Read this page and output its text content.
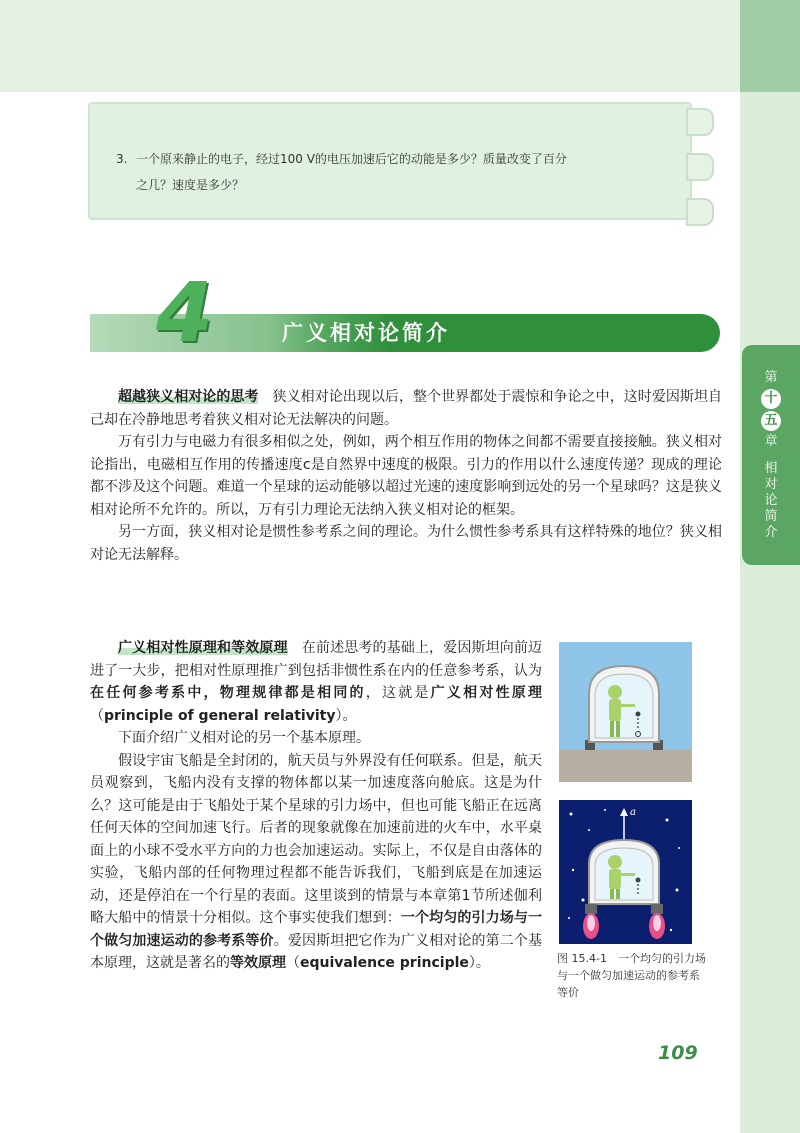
第
十
五
章
相
对
论
简
介
3. 一个原来静止的电子，经过100 V的电压加速后它的动能是多少？质量改变了百分
之几？速度是多少？
4	广义相对论简介

超越狭义相对论的思考　 狭义相对论出现以后，整个世界都处于震惊和争论之中，这时爱因斯坦自己却在冷静地思考着狭义相对论无法解决的问题。

万有引力与电磁力有很多相似之处，例如，两个相互作用的物体之间都不需要直接接触。狭义相对论指出，电磁相互作用的传播速度c是自然界中速度的极限。引力的作用以什么速度传递？现成的理论都不涉及这个问题。难道一个星球的运动能够以超过光速的速度影响到远处的另一个星球吗？这是狭义相对论所不允许的。所以，万有引力理论无法纳入狭义相对论的框架。

另一方面，狭义相对论是惯性参考系之间的理论。为什么惯性参考系具有这样特殊的地位？狭义相对论无法解释。

广义相对性原理和等效原理　 在前述思考的基础上，爱因斯坦向前迈进了一大步，把相对性原理推广到包括非惯性系在内的任意参考系，认为在任何参考系中，物理规律都是相同的，这就是广义相对性原理（principle of general relativity）。

下面介绍广义相对论的另一个基本原理。

假设宇宙飞船是全封闭的，航天员与外界没有任何联系。但是，航天员观察到，飞船内没有支撑的物体都以某一加速度落向舱底。这是为什么？这可能是由于飞船处于某个星球的引力场中，但也可能飞船正在远离任何天体的空间加速飞行。后者的现象就像在加速前进的火车中，水平桌面上的小球不受水平方向的力也会加速运动。实际上，不仅是自由落体的实验，飞船内部的任何物理过程都不能告诉我们，飞船到底是在加速运动，还是停泊在一个行星的表面。这里谈到的情景与本章第1节所述伽利略大船中的情景十分相似。这个事实使我们想到：一个均匀的引力场与一个做匀加速运动的参考系等价。爱因斯坦把它作为广义相对论的第二个基本原理，这就是著名的等效原理（equivalence principle）。

a
图 15.4-1　 一个均匀的引力场与一个做匀加速运动的参考系等价
109
